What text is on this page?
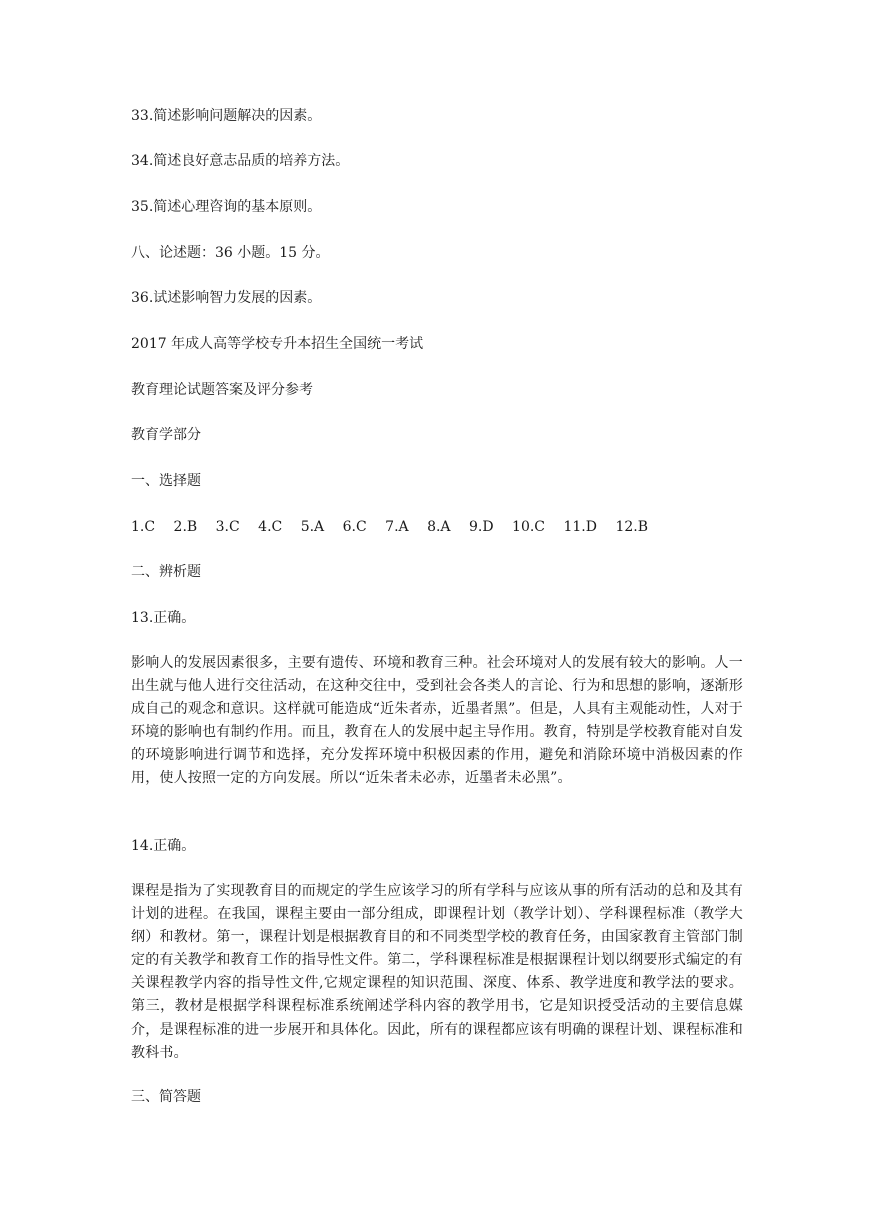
33.简述影响问题解决的因素。
34.简述良好意志品质的培养方法。
35.简述心理咨询的基本原则。
八、论述题：36 小题。15 分。
36.试述影响智力发展的因素。
2017 年成人高等学校专升本招生全国统一考试
教育理论试题答案及评分参考
教育学部分
一、选择题
1.C 2.B 3.C 4.C 5.A 6.C 7.A 8.A 9.D 10.C 11.D 12.B
二、辨析题
13.正确。
影响人的发展因素很多，主要有遗传、环境和教育三种。社会环境对人的发展有较大的影响。人一出生就与他人进行交往活动，在这种交往中，受到社会各类人的言论、行为和思想的影响，逐渐形成自己的观念和意识。这样就可能造成“近朱者赤，近墨者黑”。但是，人具有主观能动性，人对于环境的影响也有制约作用。而且，教育在人的发展中起主导作用。教育，特别是学校教育能对自发的环境影响进行调节和选择，充分发挥环境中积极因素的作用，避免和消除环境中消极因素的作用，使人按照一定的方向发展。所以“近朱者未必赤，近墨者未必黑”。
14.正确。
课程是指为了实现教育目的而规定的学生应该学习的所有学科与应该从事的所有活动的总和及其有计划的进程。在我国，课程主要由一部分组成，即课程计划（教学计划）、学科课程标准（教学大纲）和教材。第一，课程计划是根据教育目的和不同类型学校的教育任务，由国家教育主管部门制定的有关教学和教育工作的指导性文件。第二，学科课程标准是根据课程计划以纲要形式编定的有关课程教学内容的指导性文件,它规定课程的知识范围、深度、体系、教学进度和教学法的要求。第三，教材是根据学科课程标准系统阐述学科内容的教学用书，它是知识授受活动的主要信息媒介，是课程标准的进一步展开和具体化。因此，所有的课程都应该有明确的课程计划、课程标准和教科书。
三、简答题
